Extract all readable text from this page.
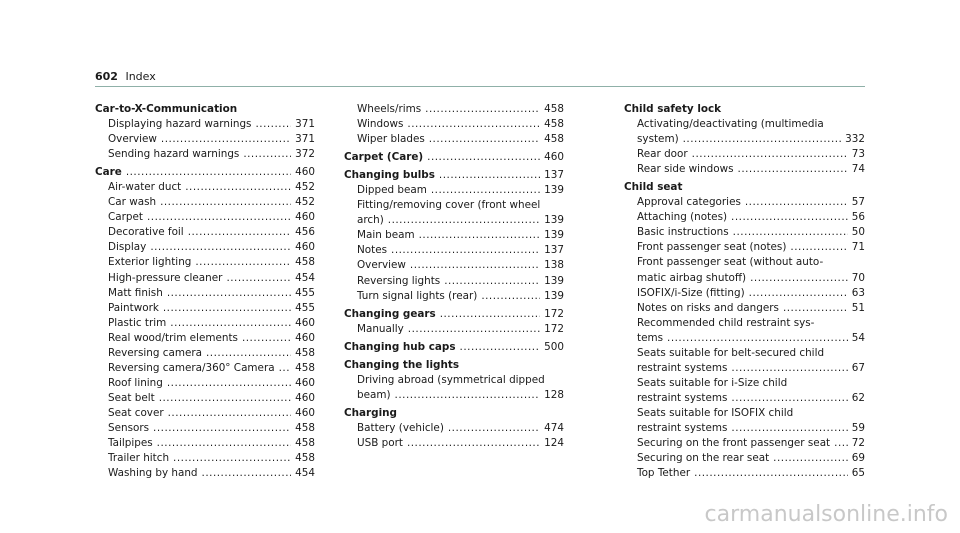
602 Index
Car-to-X-Communication
Displaying hazard warnings .....	371
Overview .....	371
Sending hazard warnings .....	372
Care .....	460
Air-water duct .....	452
Car wash .....	452
Carpet .....	460
Decorative foil .....	456
Display .....	460
Exterior lighting .....	458
High-pressure cleaner .....	454
Matt finish .....	455
Paintwork .....	455
Plastic trim .....	460
Real wood/trim elements .....	460
Reversing camera .....	458
Reversing camera/360° Camera ..... 458
Roof lining .....	460
Seat belt .....	460
Seat cover .....	460
Sensors .....	458
Tailpipes .....	458
Trailer hitch .....	458
Washing by hand .....	454
Wheels/rims .....	458
Windows .....	458
Wiper blades .....	458
Carpet (Care) .....	460
Changing bulbs .....	137
Dipped beam .....	139
Fitting/removing cover (front wheel
arch) .....	139
Main beam .....	139
Notes .....	137
Overview .....	138
Reversing lights .....	139
Turn signal lights (rear) .....	139
Changing gears .....	172
Manually .....	172
Changing hub caps .....	500
Changing the lights
Driving abroad (symmetrical dipped
beam) .....	128
Charging
Battery (vehicle) .....	474
USB port .....	124
Child safety lock
Activating/deactivating (multimedia
system) .....	332
Rear door .....	73
Rear side windows .....	74
Child seat
Approval categories .....	57
Attaching (notes) .....	56
Basic instructions .....	50
Front passenger seat (notes) .....	71
Front passenger seat (without auto-
matic airbag shutoff) .....	70
ISOFIX/i-Size (fitting) .....	63
Notes on risks and dangers .....	51
Recommended child restraint sys-
tems .....	54
Seats suitable for belt-secured child
restraint systems .....	67
Seats suitable for i-Size child
restraint systems .....	62
Seats suitable for ISOFIX child
restraint systems .....	59
Securing on the front passenger seat ..... 72
Securing on the rear seat .....	69
Top Tether .....	65
carmanualsonline.info
